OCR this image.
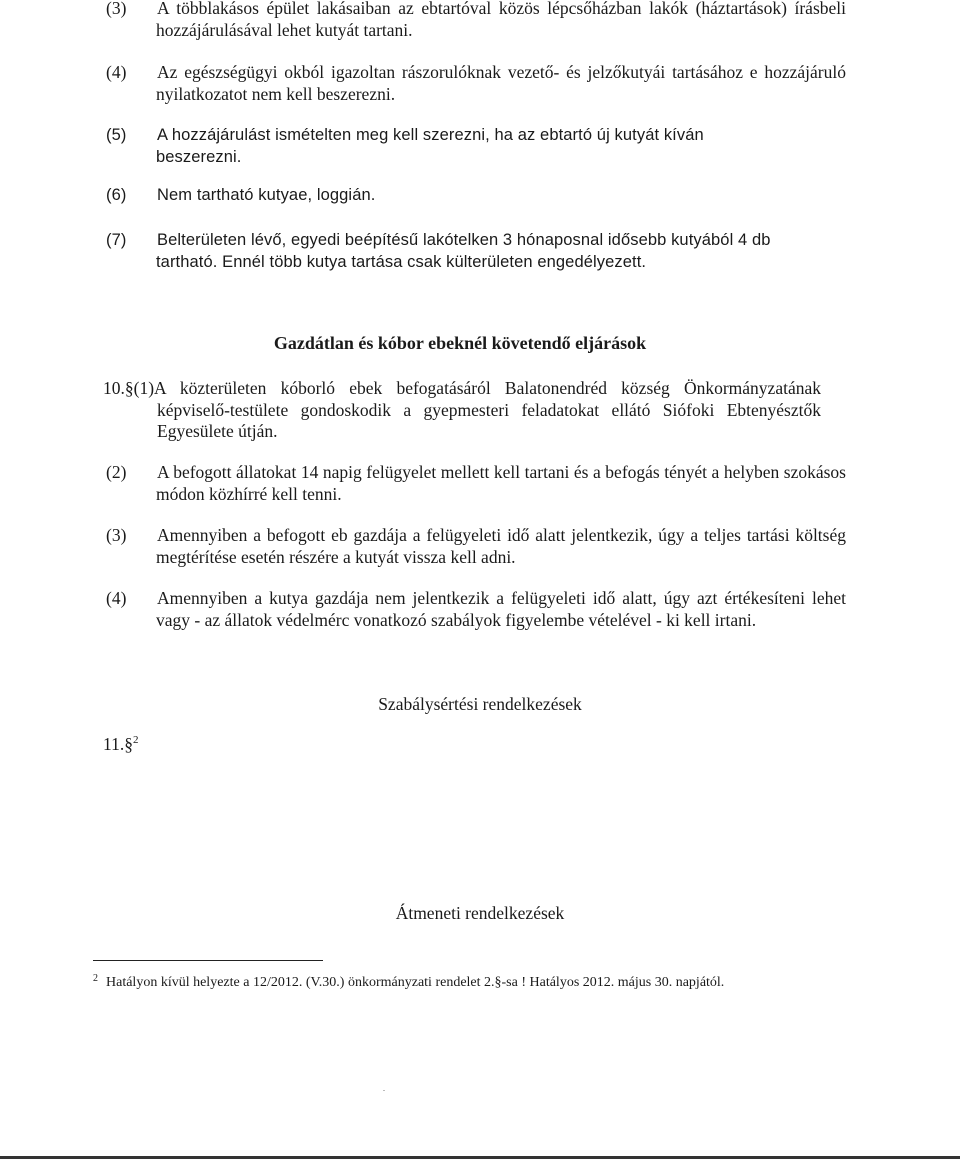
(3) A többlakásos épület lakásaiban az ebtartóval közös lépcsőházban lakók (háztartások) írásbeli hozzájárulásával lehet kutyát tartani.
(4) Az egészségügyi okból igazoltan rászorulóknak vezető- és jelzőkutyái tartásához e hozzájáruló nyilatkozatot nem kell beszerezni.
(5) A hozzájárulást ismételten meg kell szerezni, ha az ebtartó új kutyát kíván beszerezni.
(6) Nem tartható kutyae, loggián.
(7) Belterületen lévő, egyedi beépítésű lakótelken 3 hónaposnal idősebb kutyából 4 db tartható. Ennél több kutya tartása csak külterületen engedélyezett.
Gazdátlan és kóbor ebeknél követendő eljárások
10.§(1)A közterületen kóborló ebek befogatásáról Balatonendréd község Önkormányzatának képviselő-testülete gondoskodik a gyepmesteri feladatokat ellátó Siófoki Ebtenyésztők Egyesülete útján.
(2) A befogott állatokat 14 napig felügyelet mellett kell tartani és a befogás tényét a helyben szokásos módon közhírré kell tenni.
(3) Amennyiben a befogott eb gazdája a felügyeleti idő alatt jelentkezik, úgy a teljes tartási költség megtérítése esetén részére a kutyát vissza kell adni.
(4) Amennyiben a kutya gazdája nem jelentkezik a felügyeleti idő alatt, úgy azt értékesíteni lehet vagy - az állatok védelmérc vonatkozó szabályok figyelembe vételével - ki kell irtani.
Szabálysértési rendelkezések
11.§$^2$
Átmeneti rendelkezések
$^2$ Hatályon kívül helyezte a 12/2012. (V.30.) önkormányzati rendelet 2.§-sa ! Hatályos 2012. május 30. napjától.
